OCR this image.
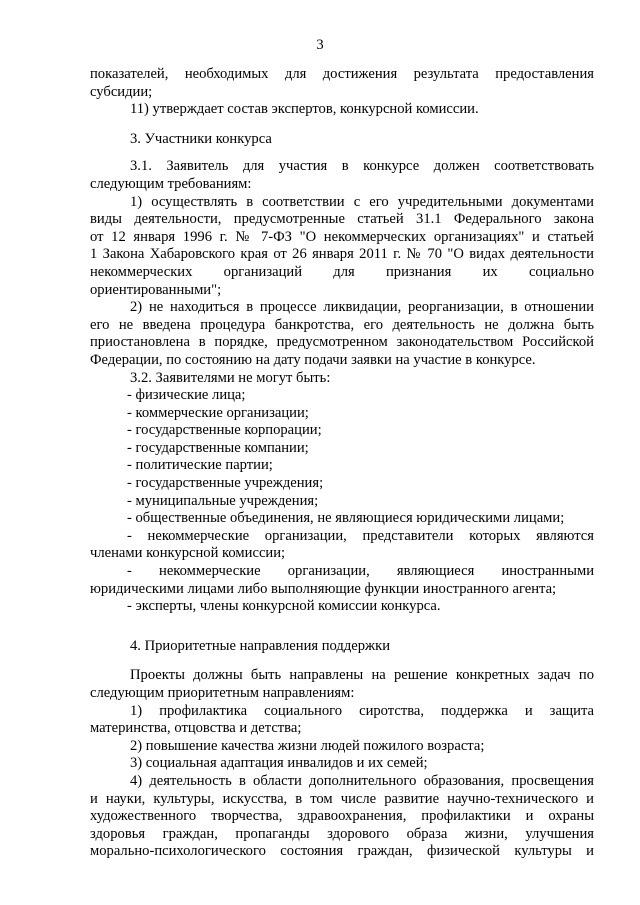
3
показателей, необходимых для достижения результата предоставления
субсидии;
11) утверждает состав экспертов, конкурсной комиссии.
3. Участники конкурса
3.1. Заявитель для участия в конкурсе должен соответствовать
следующим требованиям:
1) осуществлять в соответствии с его учредительными документами
виды деятельности, предусмотренные статьей 31.1 Федерального закона
от 12 января 1996 г. № 7-ФЗ "О некоммерческих организациях" и статьей
1 Закона Хабаровского края от 26 января 2011 г. № 70 "О видах деятельности
некоммерческих организаций для признания их социально
ориентированными";
2) не находиться в процессе ликвидации, реорганизации, в отношении
его не введена процедура банкротства, его деятельность не должна быть
приостановлена в порядке, предусмотренном законодательством Российской
Федерации, по состоянию на дату подачи заявки на участие в конкурсе.
3.2. Заявителями не могут быть:
- физические лица;
- коммерческие организации;
- государственные корпорации;
- государственные компании;
- политические партии;
- государственные учреждения;
- муниципальные учреждения;
- общественные объединения, не являющиеся юридическими лицами;
- некоммерческие организации, представители которых являются
членами конкурсной комиссии;
- некоммерческие организации, являющиеся иностранными
юридическими лицами либо выполняющие функции иностранного агента;
- эксперты, члены конкурсной комиссии конкурса.
4. Приоритетные направления поддержки
Проекты должны быть направлены на решение конкретных задач по
следующим приоритетным направлениям:
1) профилактика социального сиротства, поддержка и защита
материнства, отцовства и детства;
2) повышение качества жизни людей пожилого возраста;
3) социальная адаптация инвалидов и их семей;
4) деятельность в области дополнительного образования, просвещения
и науки, культуры, искусства, в том числе развитие научно-технического и
художественного творчества, здравоохранения, профилактики и охраны
здоровья граждан, пропаганды здорового образа жизни, улучшения
морально-психологического состояния граждан, физической культуры и
